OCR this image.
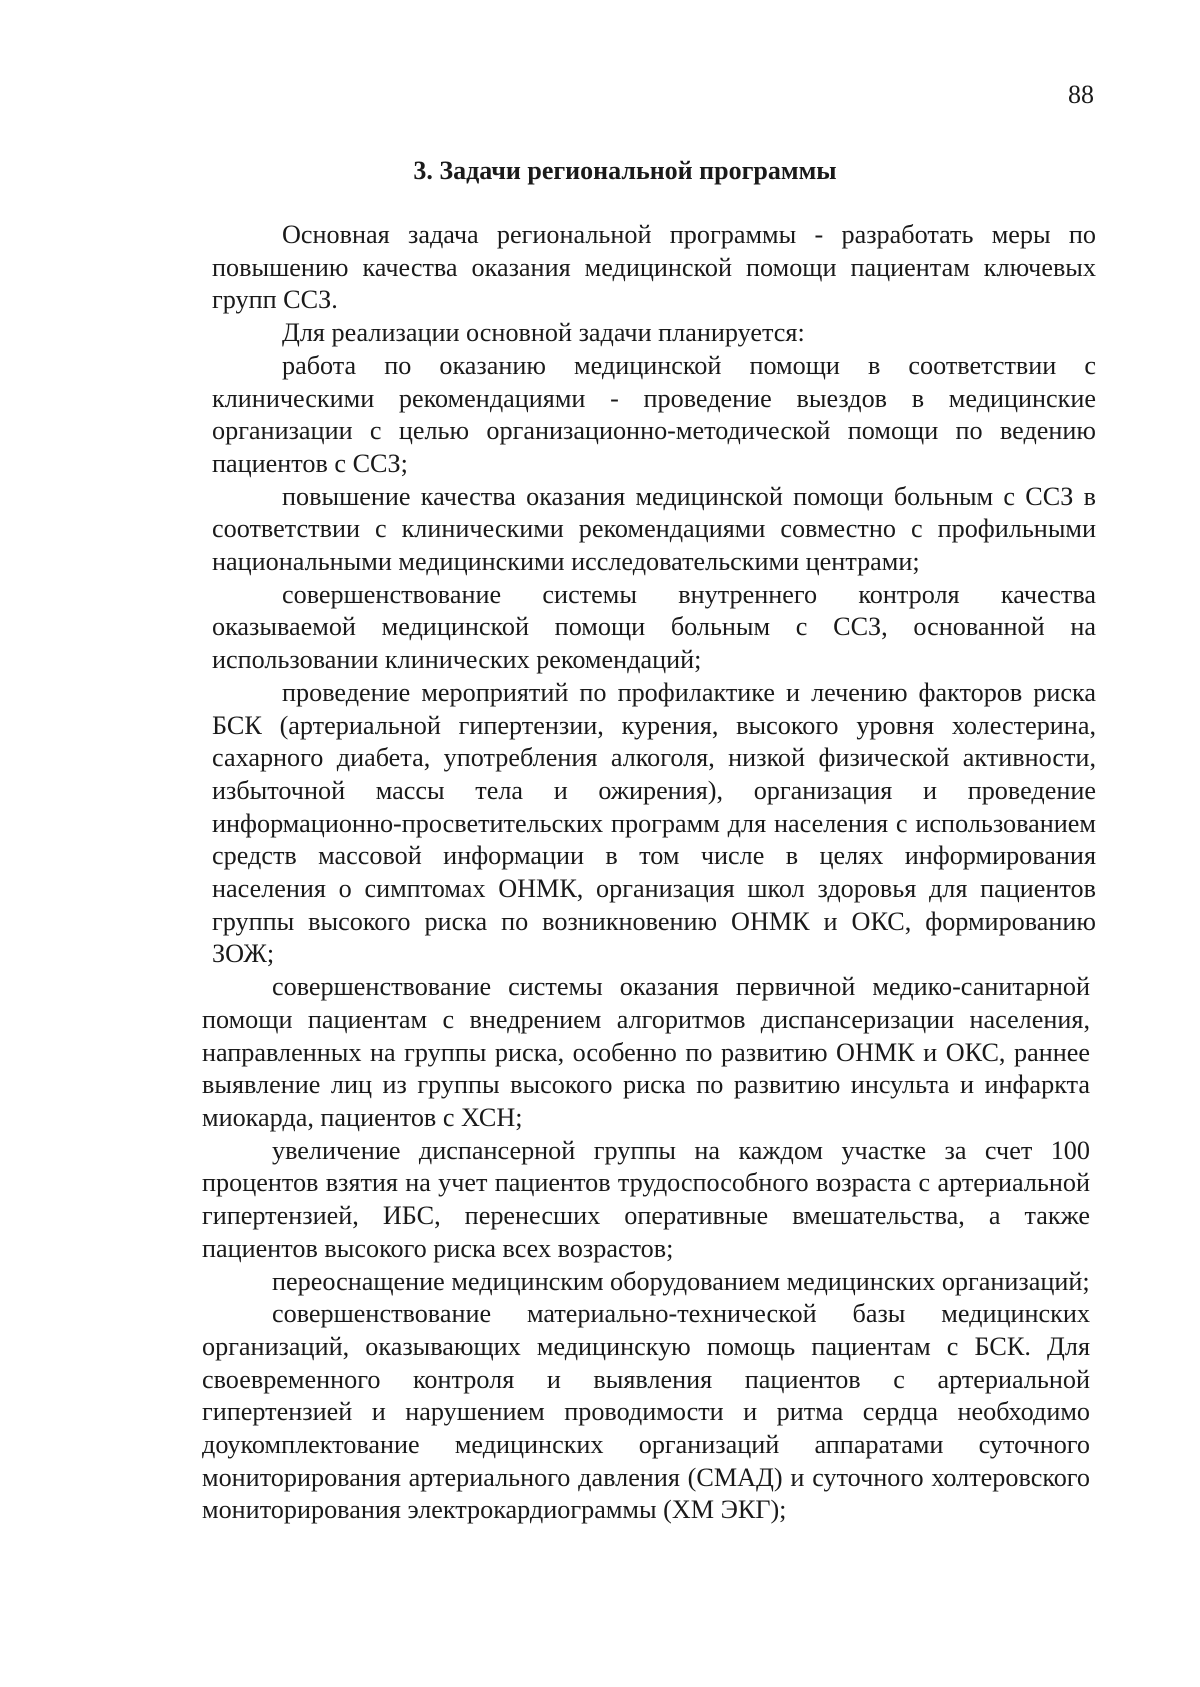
88
3. Задачи региональной программы

Основная задача региональной программы - разработать меры по повышению качества оказания медицинской помощи пациентам ключевых групп ССЗ.

Для реализации основной задачи планируется:

работа по оказанию медицинской помощи в соответствии с клиническими рекомендациями - проведение выездов в медицинские организации с целью организационно-методической помощи по ведению пациентов с ССЗ;

повышение качества оказания медицинской помощи больным с ССЗ в соответствии с клиническими рекомендациями совместно с профильными национальными медицинскими исследовательскими центрами;

совершенствование системы внутреннего контроля качества оказываемой медицинской помощи больным с ССЗ, основанной на использовании клинических рекомендаций;

проведение мероприятий по профилактике и лечению факторов риска БСК (артериальной гипертензии, курения, высокого уровня холестерина, сахарного диабета, употребления алкоголя, низкой физической активности, избыточной массы тела и ожирения), организация и проведение информационно-просветительских программ для населения с использованием средств массовой информации в том числе в целях информирования населения о симптомах ОНМК, организация школ здоровья для пациентов группы высокого риска по возникновению ОНМК и ОКС, формированию ЗОЖ;

совершенствование системы оказания первичной медико-санитарной помощи пациентам с внедрением алгоритмов диспансеризации населения, направленных на группы риска, особенно по развитию ОНМК и ОКС, раннее выявление лиц из группы высокого риска по развитию инсульта и инфаркта миокарда, пациентов с ХСН;

увеличение диспансерной группы на каждом участке за счет 100 процентов взятия на учет пациентов трудоспособного возраста с артериальной гипертензией, ИБС, перенесших оперативные вмешательства, а также пациентов высокого риска всех возрастов;

переоснащение медицинским оборудованием медицинских организаций;

совершенствование материально-технической базы медицинских организаций, оказывающих медицинскую помощь пациентам с БСК. Для своевременного контроля и выявления пациентов с артериальной гипертензией и нарушением проводимости и ритма сердца необходимо доукомплектование медицинских организаций аппаратами суточного мониторирования артериального давления (СМАД) и суточного холтеровского мониторирования электрокардиограммы (ХМ ЭКГ);
